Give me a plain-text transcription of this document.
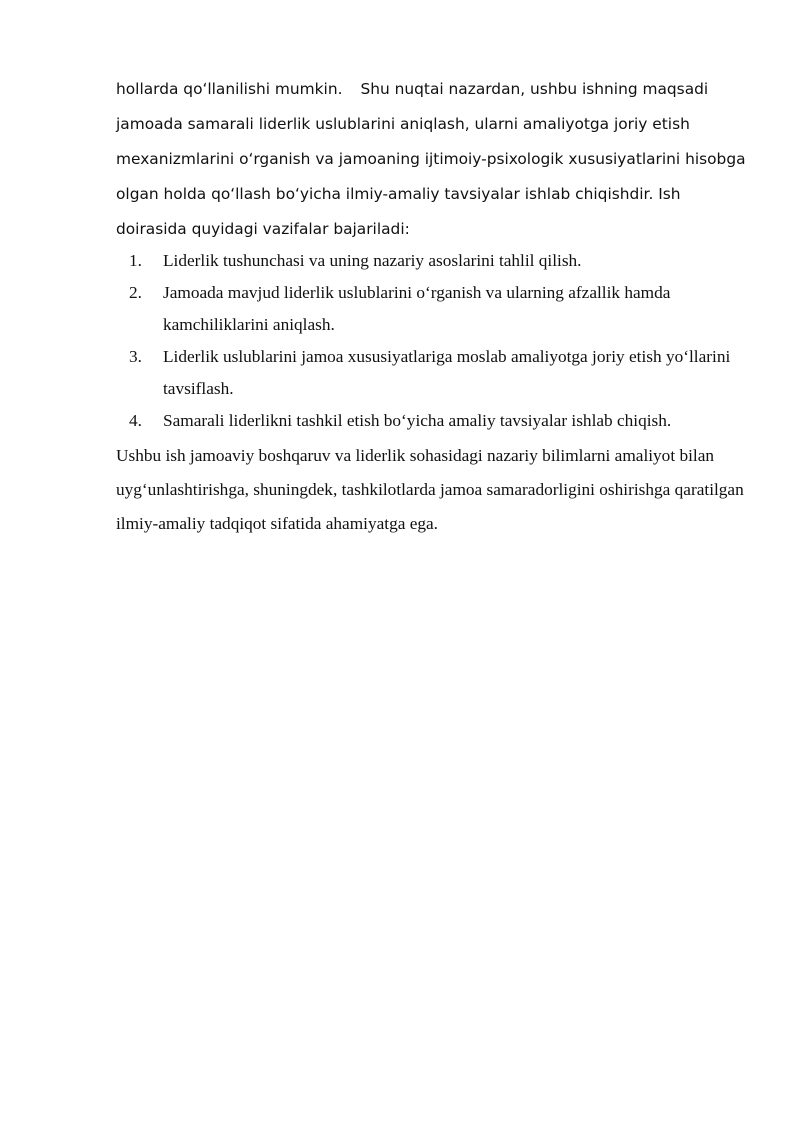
hollarda qoʻllanilishi mumkin. Shu nuqtai nazardan, ushbu ishning maqsadi jamoada samarali liderlik uslublarini aniqlash, ularni amaliyotga joriy etish mexanizmlarini oʻrganish va jamoaning ijtimoiy-psixologik xususiyatlarini hisobga olgan holda qoʻllash boʻyicha ilmiy-amaliy tavsiyalar ishlab chiqishdir. Ish doirasida quyidagi vazifalar bajariladi:

1. Liderlik tushunchasi va uning nazariy asoslarini tahlil qilish.
2. Jamoada mavjud liderlik uslublarini oʻrganish va ularning afzallik hamda kamchiliklarini aniqlash.
3. Liderlik uslublarini jamoa xususiyatlariga moslab amaliyotga joriy etish yoʻllarini tavsiflash.
4. Samarali liderlikni tashkil etish boʻyicha amaliy tavsiyalar ishlab chiqish.

Ushbu ish jamoaviy boshqaruv va liderlik sohasidagi nazariy bilimlarni amaliyot bilan uygʻunlashtirishga, shuningdek, tashkilotlarda jamoa samaradorligini oshirishga qaratilgan ilmiy-amaliy tadqiqot sifatida ahamiyatga ega.
